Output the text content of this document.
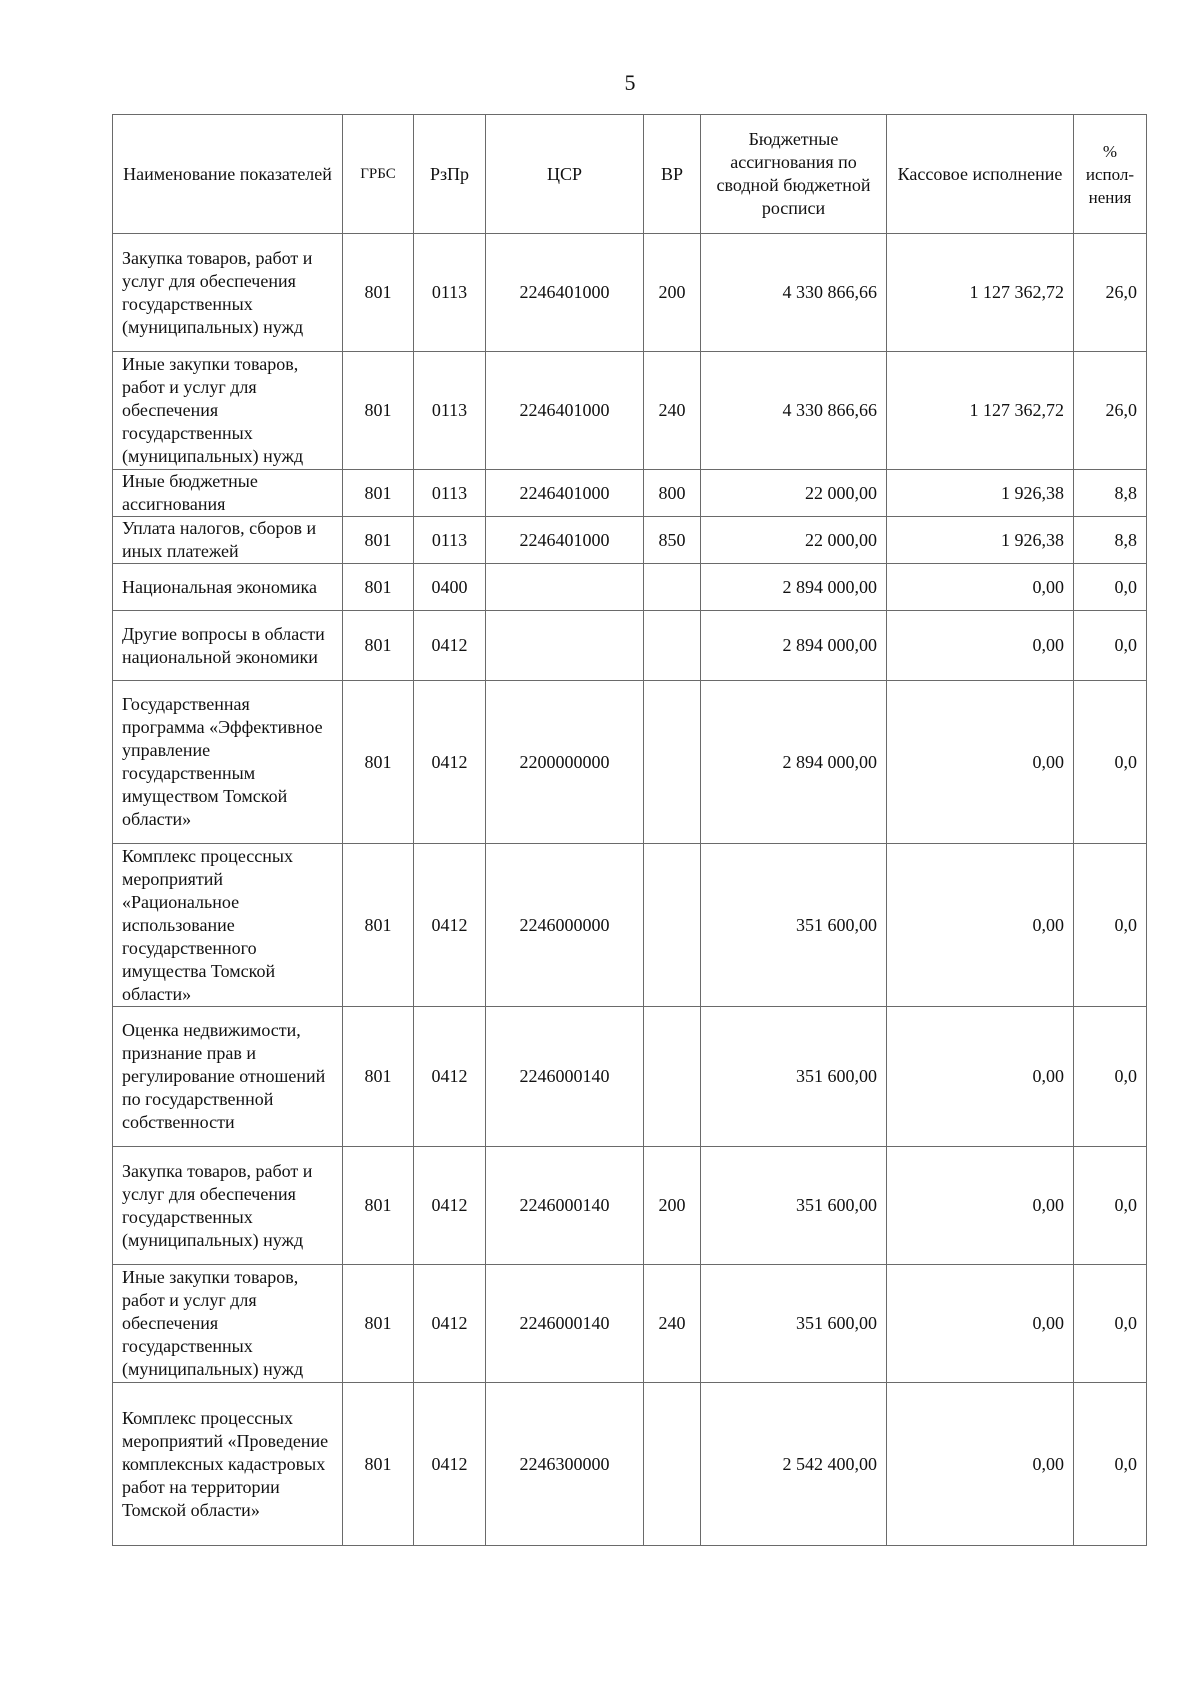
5
Наименование показателей	ГРБС	РзПр	ЦСР	ВР	Бюджетные ассигнования по сводной бюджетной росписи	Кассовое исполнение	% испол-нения
Закупка товаров, работ и услуг для обеспечения государственных (муниципальных) нужд	801	0113	2246401000	200	4 330 866,66	1 127 362,72	26,0
Иные закупки товаров, работ и услуг для обеспечения государственных (муниципальных) нужд	801	0113	2246401000	240	4 330 866,66	1 127 362,72	26,0
Иные бюджетные ассигнования	801	0113	2246401000	800	22 000,00	1 926,38	8,8
Уплата налогов, сборов и иных платежей	801	0113	2246401000	850	22 000,00	1 926,38	8,8
Национальная экономика	801	0400			2 894 000,00	0,00	0,0
Другие вопросы в области национальной экономики	801	0412			2 894 000,00	0,00	0,0
Государственная программа «Эффективное управление государственным имуществом Томской области»	801	0412	2200000000		2 894 000,00	0,00	0,0
Комплекс процессных мероприятий «Рациональное использование государственного имущества Томской области»	801	0412	2246000000		351 600,00	0,00	0,0
Оценка недвижимости, признание прав и регулирование отношений по государственной собственности	801	0412	2246000140		351 600,00	0,00	0,0
Закупка товаров, работ и услуг для обеспечения государственных (муниципальных) нужд	801	0412	2246000140	200	351 600,00	0,00	0,0
Иные закупки товаров, работ и услуг для обеспечения государственных (муниципальных) нужд	801	0412	2246000140	240	351 600,00	0,00	0,0
Комплекс процессных мероприятий «Проведение комплексных кадастровых работ на территории Томской области»	801	0412	2246300000		2 542 400,00	0,00	0,0
